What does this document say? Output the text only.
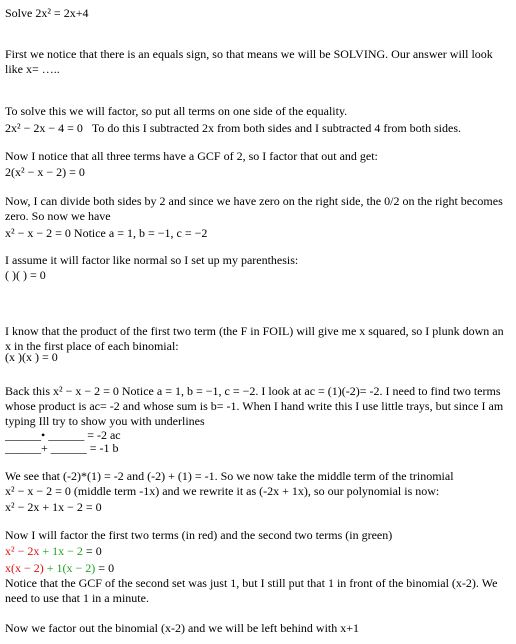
Solve 2x² = 2x+4
First we notice that there is an equals sign, so that means we will be SOLVING. Our answer will look like x= …..
To solve this we will factor, so put all terms on one side of the equality.
2x² − 2x − 4 = 0 To do this I subtracted 2x from both sides and I subtracted 4 from both sides.
Now I notice that all three terms have a GCF of 2, so I factor that out and get:
2(x² − x − 2) = 0
Now, I can divide both sides by 2 and since we have zero on the right side, the 0/2 on the right becomes zero. So now we have
x² − x − 2 = 0 Notice a = 1, b = −1, c = −2
I assume it will factor like normal so I set up my parenthesis:
( )( ) = 0
I know that the product of the first two term (the F in FOIL) will give me x squared, so I plunk down an x in the first place of each binomial:
(x )(x ) = 0
Back this x² − x − 2 = 0 Notice a = 1, b = −1, c = −2. I look at ac = (1)(-2)= -2. I need to find two terms whose product is ac= -2 and whose sum is b= -1. When I hand write this I use little trays, but since I am typing Ill try to show you with underlines
______• ______ = -2 ac
______+ ______ = -1 b
We see that (-2)*(1) = -2 and (-2) + (1) = -1. So we now take the middle term of the trinomial
x² − x − 2 = 0 (middle term -1x) and we rewrite it as (-2x + 1x), so our polynomial is now:
x² − 2x + 1x − 2 = 0
Now I will factor the first two terms (in red) and the second two terms (in green)
x² − 2x + 1x − 2 = 0
x(x − 2) + 1(x − 2) = 0
Notice that the GCF of the second set was just 1, but I still put that 1 in front of the binomial (x-2). We need to use that 1 in a minute.
Now we factor out the binomial (x-2) and we will be left behind with x+1
